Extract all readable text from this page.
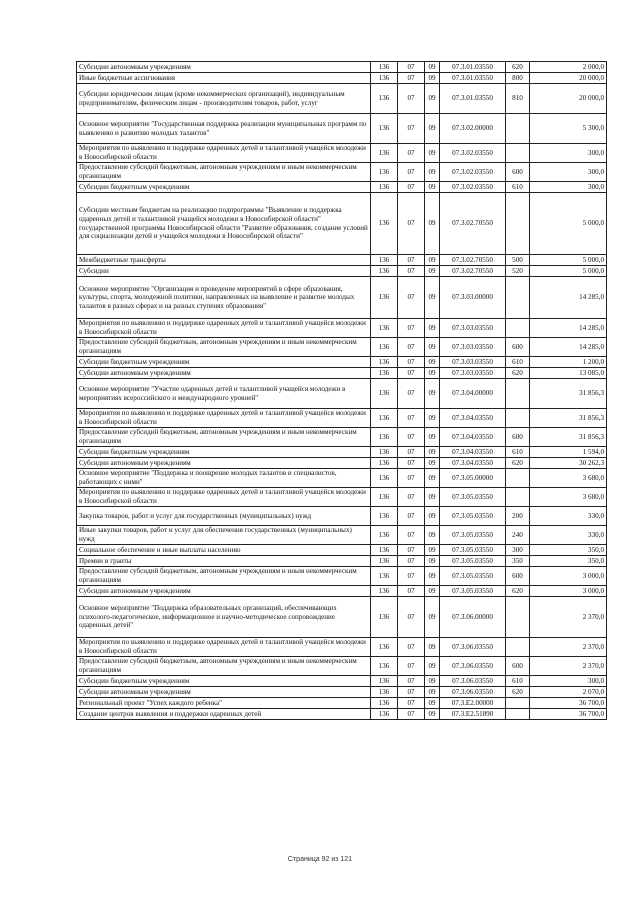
Субсидии автономным учреждениям	136	07	09	07.3.01.03550	620	2 000,0
Иные бюджетные ассигнования	136	07	09	07.3.01.03550	800	20 000,0
Субсидии юридическим лицам (кроме некоммерческих организаций), индивидуальным предпринимателям, физическим лицам - производителям товаров, работ, услуг	136	07	09	07.3.01.03550	810	20 000,0
Основное мероприятие "Государственная поддержка реализации муниципальных программ по выявлению и развитию молодых талантов"	136	07	09	07.3.02.00000		5 300,0
Мероприятия по выявлению и поддержке одаренных детей и талантливой учащейся молодежи в Новосибирской области	136	07	09	07.3.02.03550		300,0
Предоставление субсидий бюджетным, автономным учреждениям и иным некоммерческим организациям	136	07	09	07.3.02.03550	600	300,0
Субсидии бюджетным учреждениям	136	07	09	07.3.02.03550	610	300,0
Субсидии местным бюджетам на реализацию подпрограммы "Выявление и поддержка одаренных детей и талантливой учащейся молодежи в Новосибирской области" государственной программы Новосибирской области "Развитие образования, создание условий для социализации детей и учащейся молодежи в Новосибирской области"	136	07	09	07.3.02.70550		5 000,0
Межбюджетные трансферты	136	07	09	07.3.02.70550	500	5 000,0
Субсидии	136	07	09	07.3.02.70550	520	5 000,0
Основное мероприятие "Организация и проведение мероприятий в сфере образования, культуры, спорта, молодежной политики, направленных на выявление и развитие молодых талантов в разных сферах и на разных ступенях образования"	136	07	09	07.3.03.00000		14 285,0
Мероприятия по выявлению и поддержке одаренных детей и талантливой учащейся молодежи в Новосибирской области	136	07	09	07.3.03.03550		14 285,0
Предоставление субсидий бюджетным, автономным учреждениям и иным некоммерческим организациям	136	07	09	07.3.03.03550	600	14 285,0
Субсидии бюджетным учреждениям	136	07	09	07.3.03.03550	610	1 200,0
Субсидии автономным учреждениям	136	07	09	07.3.03.03550	620	13 085,0
Основное мероприятие "Участие одаренных детей и талантливой учащейся молодежи в мероприятиях всероссийского и международного уровней"	136	07	09	07.3.04.00000		31 856,3
Мероприятия по выявлению и поддержке одаренных детей и талантливой учащейся молодежи в Новосибирской области	136	07	09	07.3.04.03550		31 856,3
Предоставление субсидий бюджетным, автономным учреждениям и иным некоммерческим организациям	136	07	09	07.3.04.03550	600	31 856,3
Субсидии бюджетным учреждениям	136	07	09	07.3.04.03550	610	1 594,0
Субсидии автономным учреждениям	136	07	09	07.3.04.03550	620	30 262,3
Основное мероприятие "Поддержка и поощрение молодых талантов и специалистов, работающих с ними"	136	07	09	07.3.05.00000		3 680,0
Мероприятия по выявлению и поддержке одаренных детей и талантливой учащейся молодежи в Новосибирской области	136	07	09	07.3.05.03550		3 680,0
Закупка товаров, работ и услуг для государственных (муниципальных) нужд	136	07	09	07.3.05.03550	200	330,0
Иные закупки товаров, работ и услуг для обеспечения государственных (муниципальных) нужд	136	07	09	07.3.05.03550	240	330,0
Социальное обеспечение и иные выплаты населению	136	07	09	07.3.05.03550	300	350,0
Премии и гранты	136	07	09	07.3.05.03550	350	350,0
Предоставление субсидий бюджетным, автономным учреждениям и иным некоммерческим организациям	136	07	09	07.3.05.03550	600	3 000,0
Субсидии автономным учреждениям	136	07	09	07.3.05.03550	620	3 000,0
Основное мероприятие "Поддержка образовательных организаций, обеспечивающих психолого-педагогическое, информационное и научно-методическое сопровождение одаренных детей"	136	07	09	07.3.06.00000		2 370,0
Мероприятия по выявлению и поддержке одаренных детей и талантливой учащейся молодежи в Новосибирской области	136	07	09	07.3.06.03550		2 370,0
Предоставление субсидий бюджетным, автономным учреждениям и иным некоммерческим организациям	136	07	09	07.3.06.03550	600	2 370,0
Субсидии бюджетным учреждениям	136	07	09	07.3.06.03550	610	300,0
Субсидии автономным учреждениям	136	07	09	07.3.06.03550	620	2 070,0
Региональный проект "Успех каждого ребенка"	136	07	09	07.3.E2.00000		36 700,0
Создание центров выявления и поддержки одаренных детей	136	07	09	07.3.E2.51890		36 700,0
Страница 92 из 121
